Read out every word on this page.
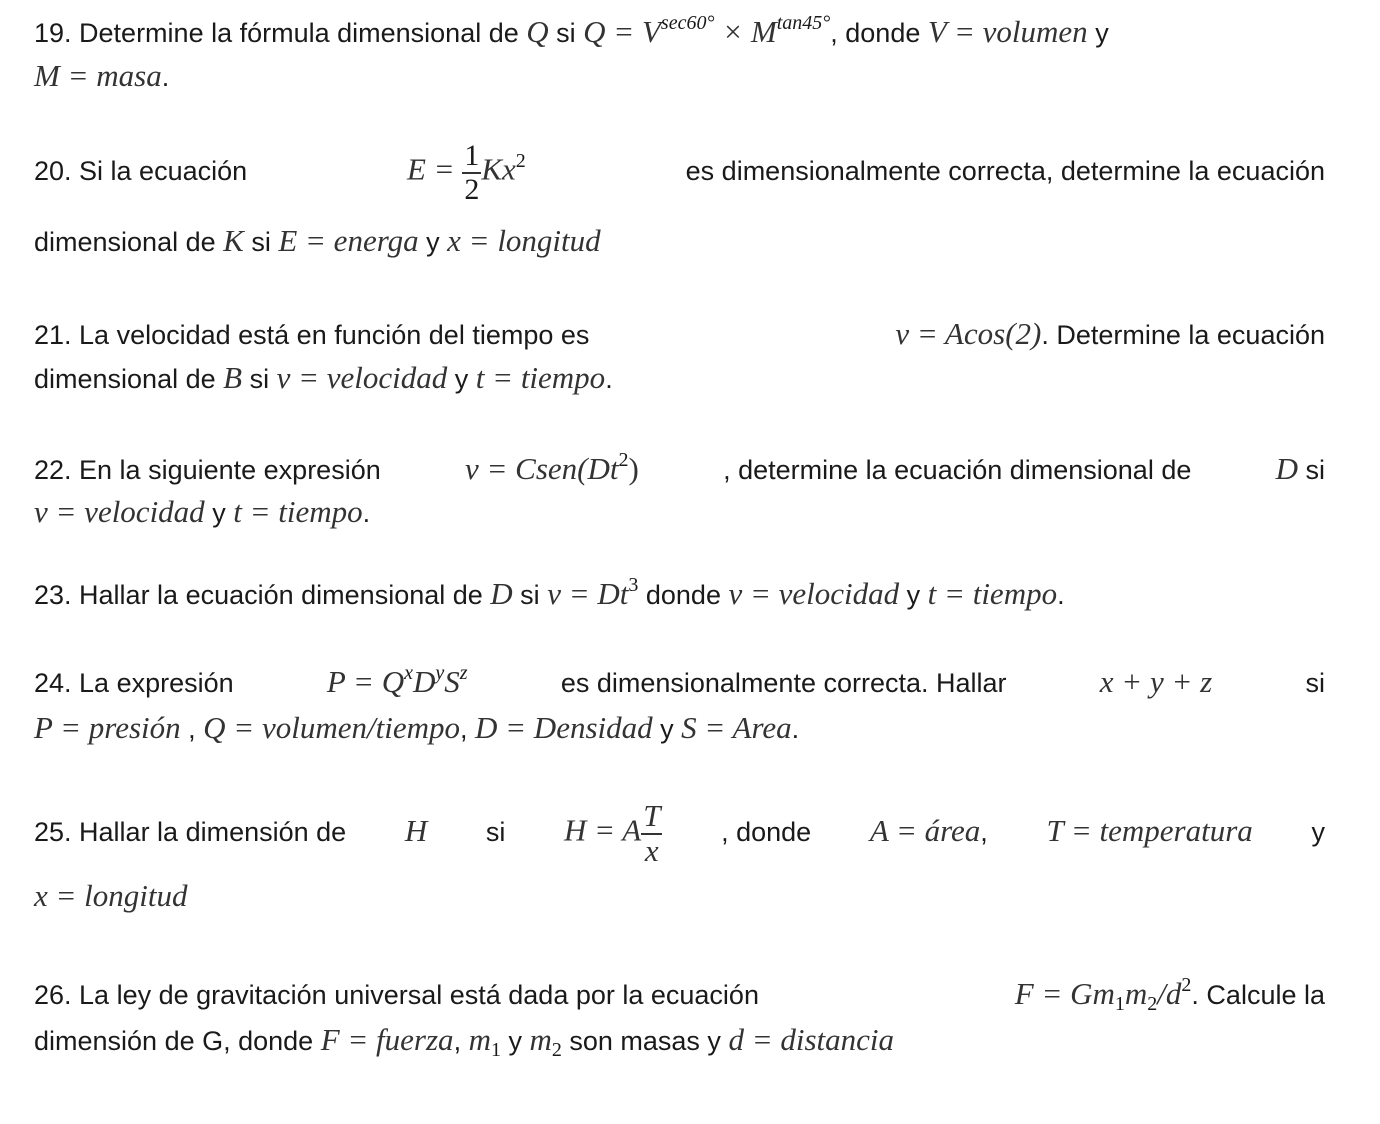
19. Determine la fórmula dimensional de Q si $Q = V^{sec60^\circ} \times M^{tan45^\circ}$, donde V = volumen y
M = masa.
20. Si la ecuación	$E = \frac{1}{2} Kx^2$	es dimensionalmente correcta, determine la ecuación
dimensional de K si E = energa y x = longitud
21. La velocidad está en función del tiempo es	v = Acos(2). Determine la ecuación
dimensional de B si v = velocidad y t = tiempo.
22. En la siguiente expresión	$v = Csen(Dt^2)$	, determine la ecuación dimensional de	D si
v = velocidad y t = tiempo.
23. Hallar la ecuación dimensional de D si $v = Dt^3$ donde v = velocidad y t = tiempo.
24. La expresión	$P = Q^xD^yS^z$	es dimensionalmente correcta. Hallar	x + y + z	si
P = presión , Q = volumen/tiempo, D = Densidad y S = Area.
25. Hallar la dimensión de H si H = A $\frac{T}{x}$ , donde A = área, T = temperatura y
x = longitud
26. La ley de gravitación universal está dada por la ecuación	$F = Gm_1m_2/d^2$. Calcule la
dimensión de G, donde F = fuerza, $m_1$ y $m_2$ son masas y d = distancia
